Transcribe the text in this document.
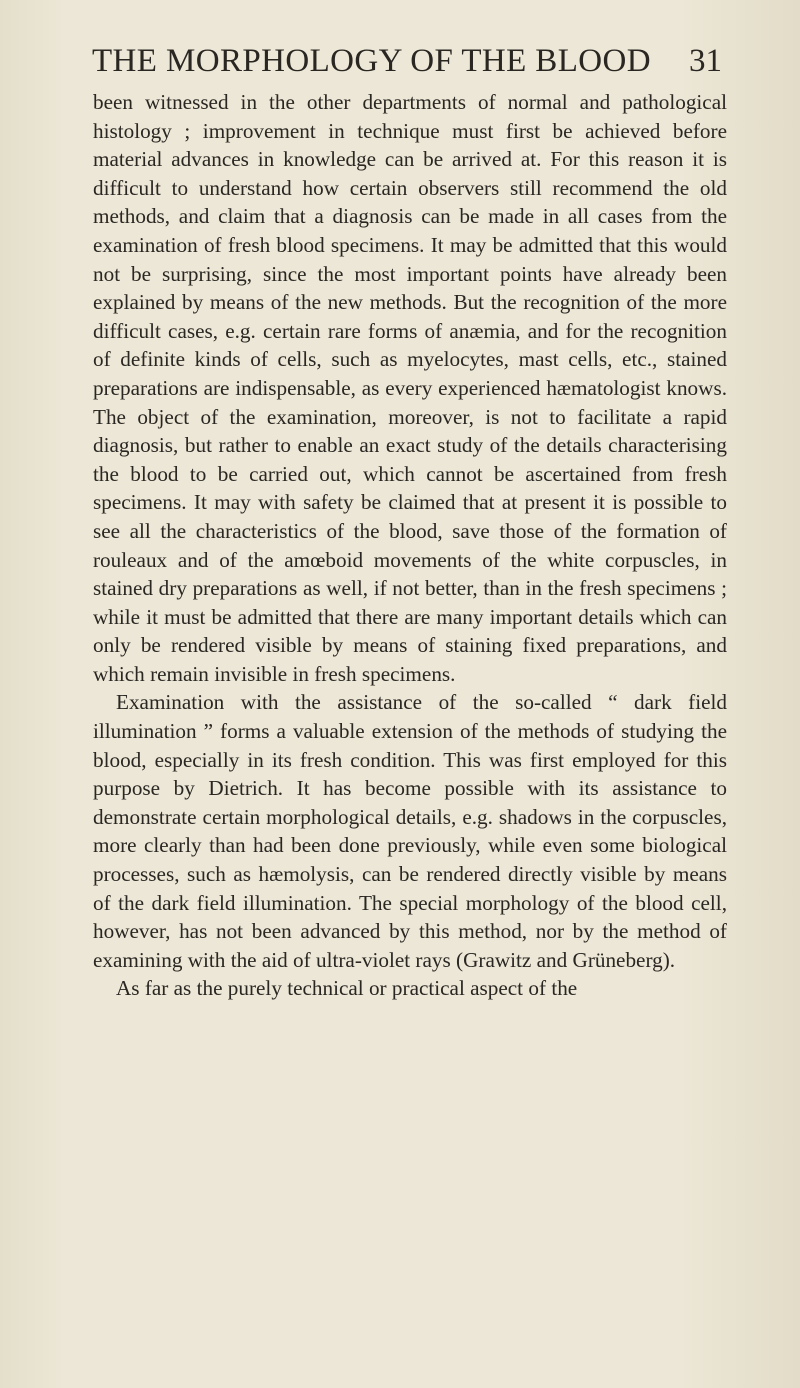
THE MORPHOLOGY OF THE BLOOD 31

been witnessed in the other departments of normal and pathological histology ; improvement in technique must first be achieved before material advances in knowledge can be arrived at. For this reason it is difficult to understand how certain observers still recommend the old methods, and claim that a diagnosis can be made in all cases from the examination of fresh blood specimens. It may be admitted that this would not be surprising, since the most important points have already been explained by means of the new methods. But the recognition of the more difficult cases, e.g. certain rare forms of anæmia, and for the recognition of definite kinds of cells, such as myelocytes, mast cells, etc., stained preparations are indispensable, as every experienced hæmatologist knows. The object of the examination, moreover, is not to facilitate a rapid diagnosis, but rather to enable an exact study of the details characterising the blood to be carried out, which cannot be ascertained from fresh specimens. It may with safety be claimed that at present it is possible to see all the characteristics of the blood, save those of the formation of rouleaux and of the amœboid movements of the white corpuscles, in stained dry preparations as well, if not better, than in the fresh specimens ; while it must be admitted that there are many important details which can only be rendered visible by means of staining fixed preparations, and which remain invisible in fresh specimens.

Examination with the assistance of the so-called “ dark field illumination ” forms a valuable extension of the methods of studying the blood, especially in its fresh condition. This was first employed for this purpose by Dietrich. It has become possible with its assistance to demonstrate certain morphological details, e.g. shadows in the corpuscles, more clearly than had been done previously, while even some biological processes, such as hæmolysis, can be rendered directly visible by means of the dark field illumination. The special morphology of the blood cell, however, has not been advanced by this method, nor by the method of examining with the aid of ultra-violet rays (Grawitz and Grüneberg).

As far as the purely technical or practical aspect of the
